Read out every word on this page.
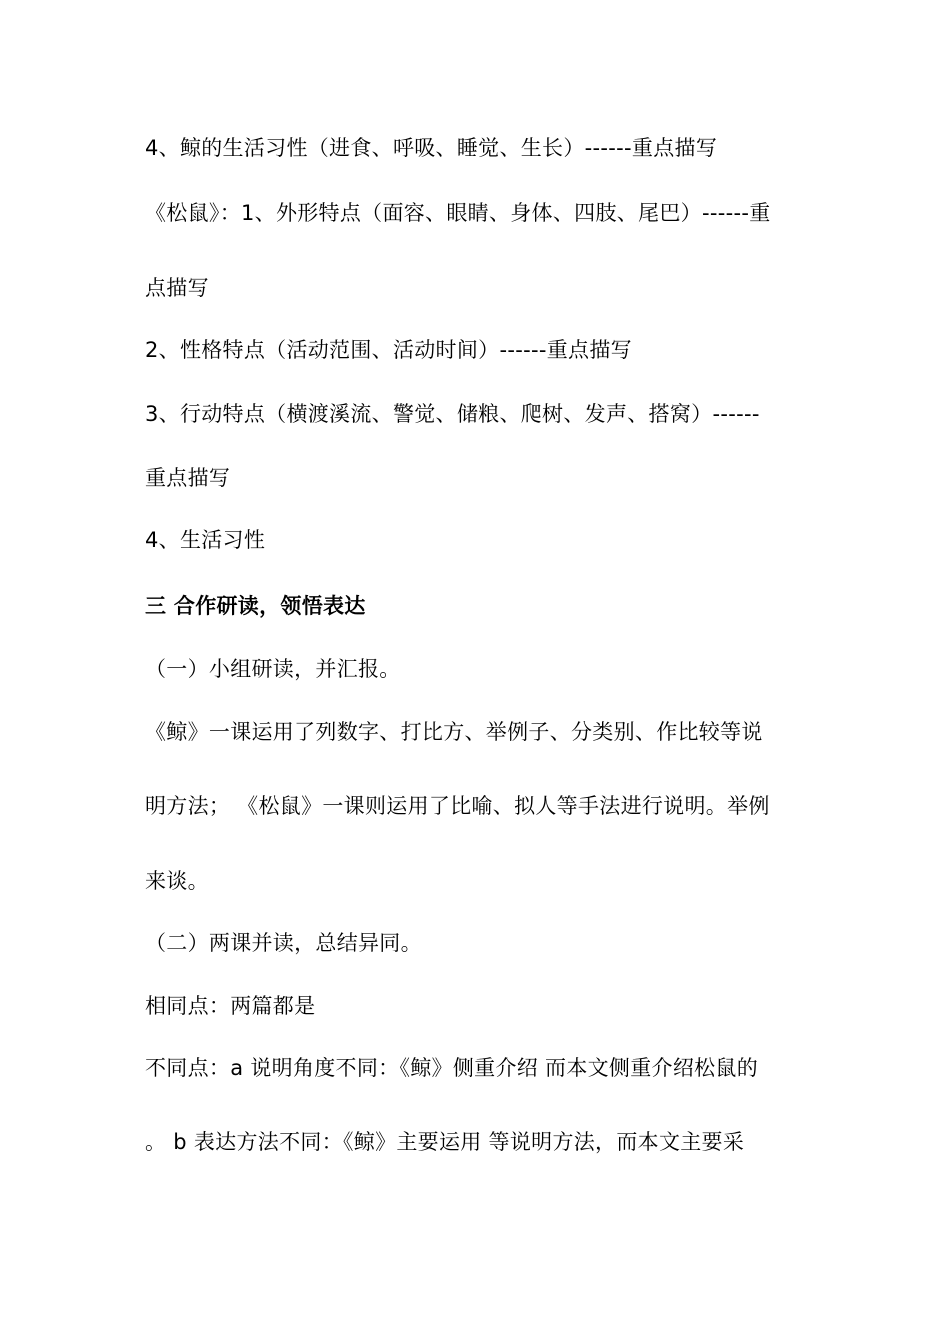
4、鲸的生活习性（进食、呼吸、睡觉、生长）------重点描写
《松鼠》：1、外形特点（面容、眼睛、身体、四肢、尾巴）------重
点描写
2、性格特点（活动范围、活动时间）------重点描写
3、行动特点（横渡溪流、警觉、储粮、爬树、发声、搭窝）------
重点描写
4、生活习性
三 合作研读，领悟表达
（一）小组研读，并汇报。
《鲸》一课运用了列数字、打比方、举例子、分类别、作比较等说
明方法； 《松鼠》一课则运用了比喻、拟人等手法进行说明。举例
来谈。
（二）两课并读，总结异同。
相同点：两篇都是
不同点：a 说明角度不同：《鲸》侧重介绍 而本文侧重介绍松鼠的
。 b 表达方法不同：《鲸》主要运用 等说明方法，而本文主要采
